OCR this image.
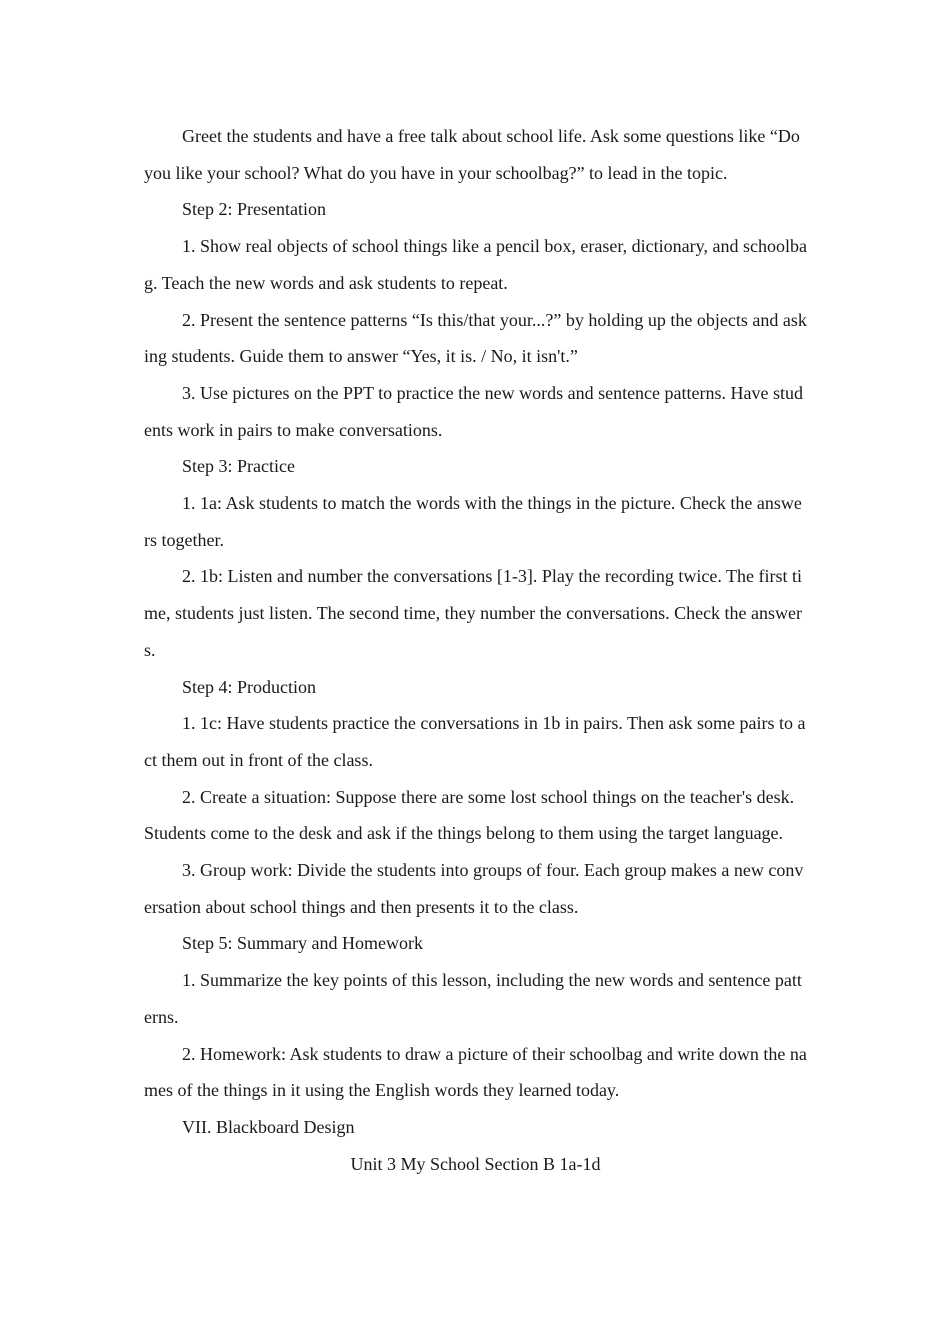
Greet the students and have a free talk about school life. Ask some questions like “Do you like your school? What do you have in your schoolbag?” to lead in the topic.

Step 2: Presentation

1. Show real objects of school things like a pencil box, eraser, dictionary, and schoolbag. Teach the new words and ask students to repeat.

2. Present the sentence patterns “Is this/that your...?” by holding up the objects and asking students. Guide them to answer “Yes, it is. / No, it isn't.”

3. Use pictures on the PPT to practice the new words and sentence patterns. Have students work in pairs to make conversations.

Step 3: Practice

1. 1a: Ask students to match the words with the things in the picture. Check the answers together.

2. 1b: Listen and number the conversations [1-3]. Play the recording twice. The first time, students just listen. The second time, they number the conversations. Check the answers.

Step 4: Production

1. 1c: Have students practice the conversations in 1b in pairs. Then ask some pairs to act them out in front of the class.

2. Create a situation: Suppose there are some lost school things on the teacher's desk. Students come to the desk and ask if the things belong to them using the target language.

3. Group work: Divide the students into groups of four. Each group makes a new conversation about school things and then presents it to the class.

Step 5: Summary and Homework

1. Summarize the key points of this lesson, including the new words and sentence patterns.

2. Homework: Ask students to draw a picture of their schoolbag and write down the names of the things in it using the English words they learned today.

VII. Blackboard Design

Unit 3 My School Section B 1a-1d
